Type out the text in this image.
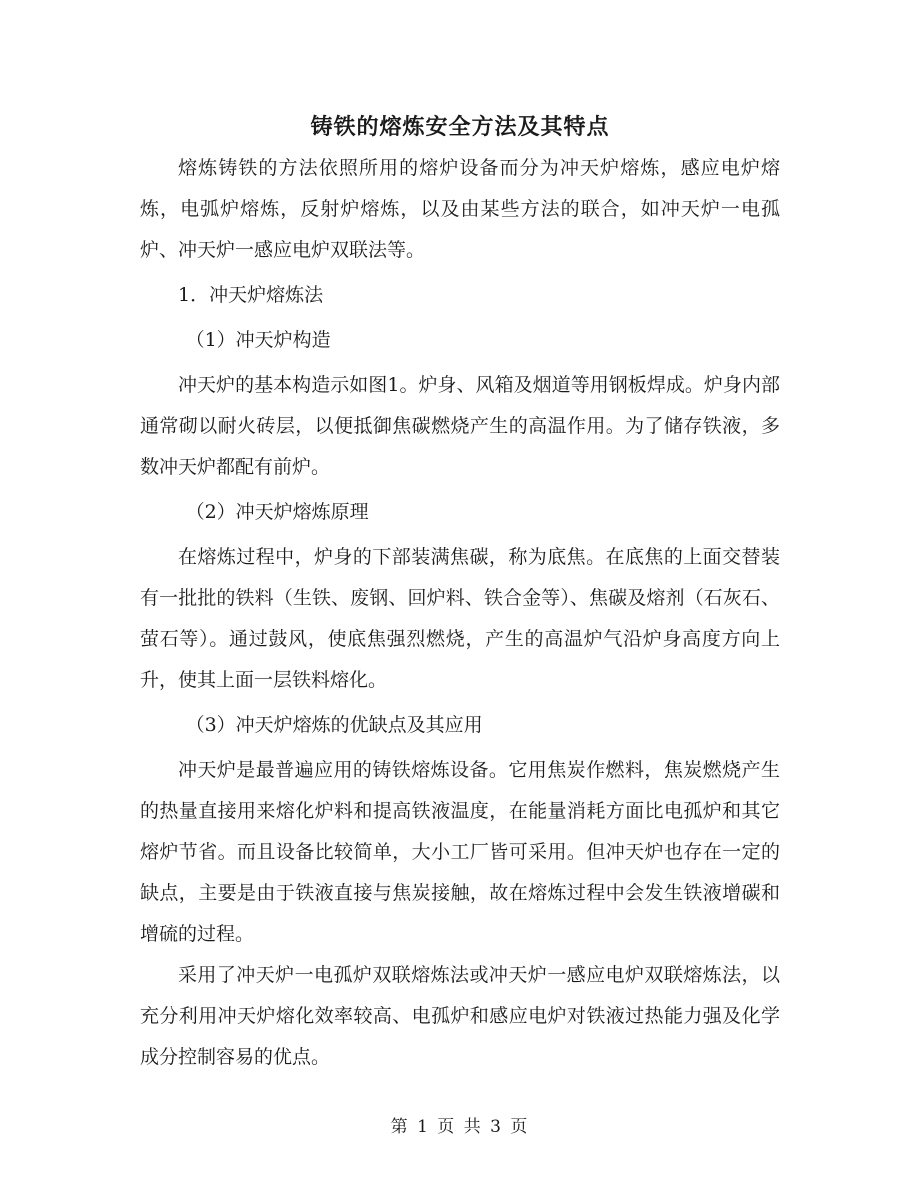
铸铁的熔炼安全方法及其特点

熔炼铸铁的方法依照所用的熔炉设备而分为冲天炉熔炼，感应电炉熔炼，电弧炉熔炼，反射炉熔炼，以及由某些方法的联合，如冲天炉一电孤炉、冲天炉一感应电炉双联法等。

1．冲天炉熔炼法

（1）冲天炉构造

冲天炉的基本构造示如图1。炉身、风箱及烟道等用钢板焊成。炉身内部通常砌以耐火砖层，以便抵御焦碳燃烧产生的高温作用。为了储存铁液，多数冲天炉都配有前炉。

（2）冲天炉熔炼原理

在熔炼过程中，炉身的下部装满焦碳，称为底焦。在底焦的上面交替装有一批批的铁料（生铁、废钢、回炉料、铁合金等）、焦碳及熔剂（石灰石、萤石等）。通过鼓风，使底焦强烈燃烧，产生的高温炉气沿炉身高度方向上升，使其上面一层铁料熔化。

（3）冲天炉熔炼的优缺点及其应用

冲天炉是最普遍应用的铸铁熔炼设备。它用焦炭作燃料，焦炭燃烧产生的热量直接用来熔化炉料和提高铁液温度，在能量消耗方面比电孤炉和其它熔炉节省。而且设备比较简单，大小工厂皆可采用。但冲天炉也存在一定的缺点，主要是由于铁液直接与焦炭接触，故在熔炼过程中会发生铁液增碳和增硫的过程。

采用了冲天炉一电孤炉双联熔炼法或冲天炉一感应电炉双联熔炼法，以充分利用冲天炉熔化效率较高、电孤炉和感应电炉对铁液过热能力强及化学成分控制容易的优点。

第 1 页 共 3 页
